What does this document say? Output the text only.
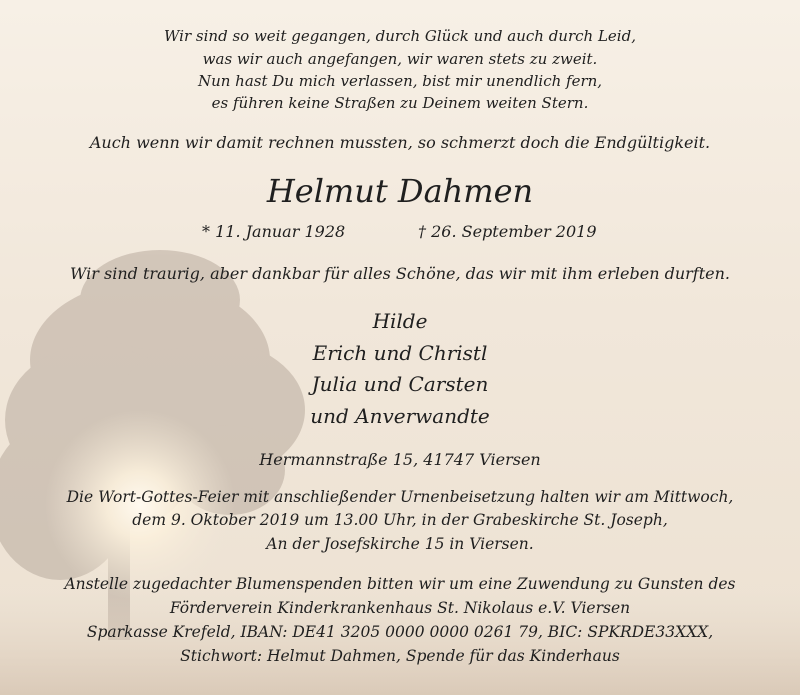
Wir sind so weit gegangen, durch Glück und auch durch Leid,
was wir auch angefangen, wir waren stets zu zweit.
Nun hast Du mich verlassen, bist mir unendlich fern,
es führen keine Straßen zu Deinem weiten Stern.
Auch wenn wir damit rechnen mussten, so schmerzt doch die Endgültigkeit.
Helmut Dahmen
* 11. Januar 1928	† 26. September 2019
Wir sind traurig, aber dankbar für alles Schöne, das wir mit ihm erleben durften.
Hilde
Erich und Christl
Julia und Carsten
und Anverwandte
Hermannstraße 15, 41747 Viersen
Die Wort-Gottes-Feier mit anschließender Urnenbeisetzung halten wir am Mittwoch,
dem 9. Oktober 2019 um 13.00 Uhr, in der Grabeskirche St. Joseph,
An der Josefskirche 15 in Viersen.
Anstelle zugedachter Blumenspenden bitten wir um eine Zuwendung zu Gunsten des
Förderverein Kinderkrankenhaus St. Nikolaus e.V. Viersen
Sparkasse Krefeld, IBAN: DE41 3205 0000 0000 0261 79, BIC: SPKRDE33XXX,
Stichwort: Helmut Dahmen, Spende für das Kinderhaus
